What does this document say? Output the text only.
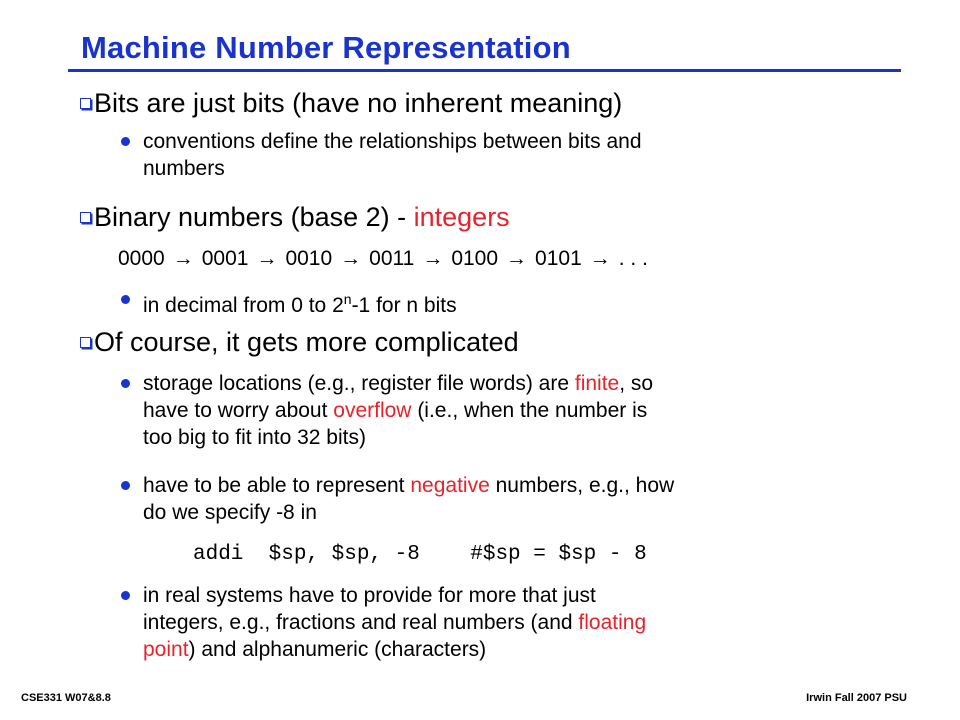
Machine Number Representation
Bits are just bits (have no inherent meaning)
conventions define the relationships between bits and
numbers
Binary numbers (base 2) - integers
0000 → 0001 → 0010 → 0011 → 0100 → 0101 → . . .
in decimal from 0 to 2$^n$-1 for n bits
Of course, it gets more complicated
storage locations (e.g., register file words) are finite, so
have to worry about overflow (i.e., when the number is
too big to fit into 32 bits)
have to be able to represent negative numbers, e.g., how
do we specify -8 in
addi  $sp, $sp, -8    #$sp = $sp - 8
in real systems have to provide for more that just
integers, e.g., fractions and real numbers (and floating
point) and alphanumeric (characters)
CSE331 W07&8.8	Irwin Fall 2007 PSU
